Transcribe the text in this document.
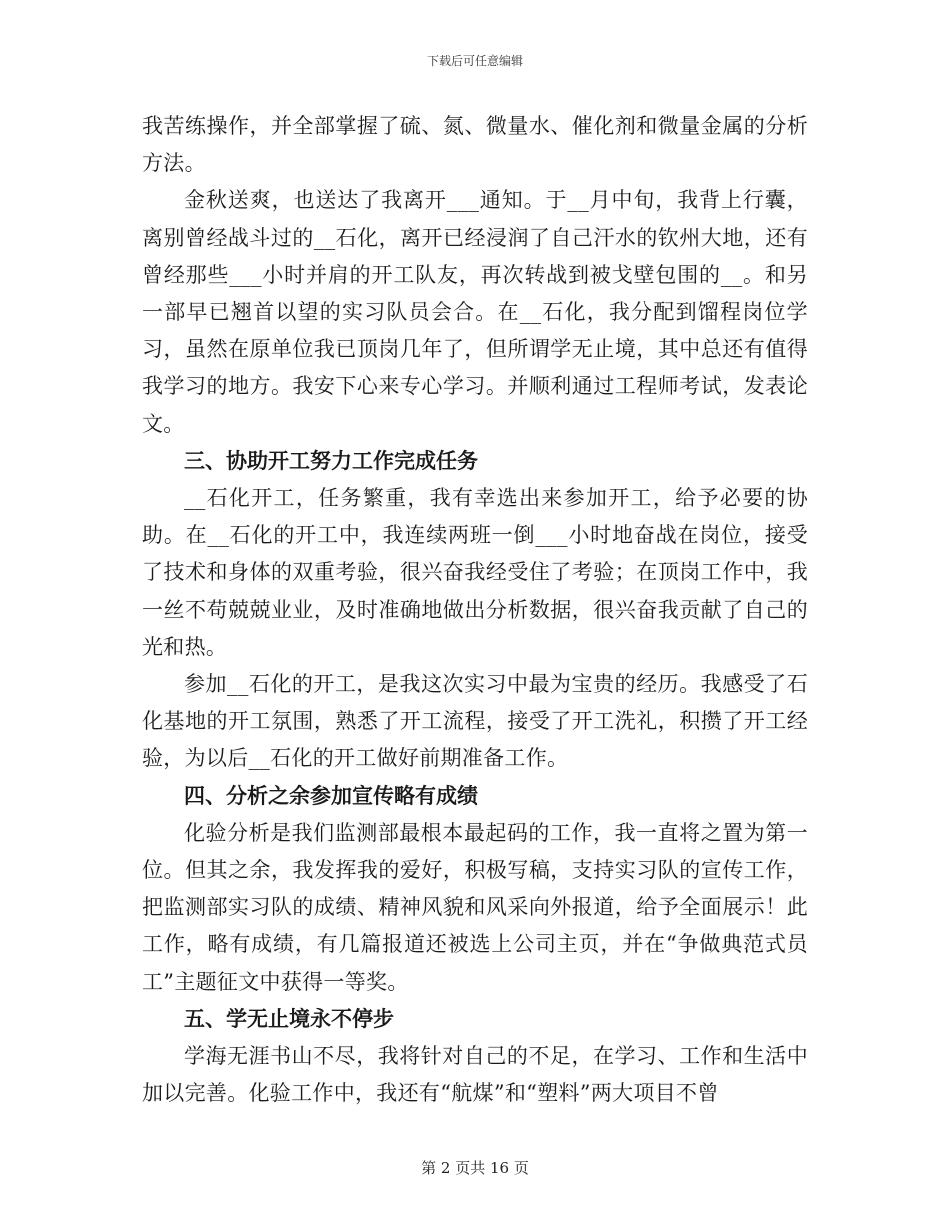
下载后可任意编辑

我苦练操作，并全部掌握了硫、氮、微量水、催化剂和微量金属的分析方法。

金秋送爽，也送达了我离开___通知。于__月中旬，我背上行囊，离别曾经战斗过的__石化，离开已经浸润了自己汗水的钦州大地，还有曾经那些___小时并肩的开工队友，再次转战到被戈壁包围的__。和另一部早已翘首以望的实习队员会合。在__石化，我分配到馏程岗位学习，虽然在原单位我已顶岗几年了，但所谓学无止境，其中总还有值得我学习的地方。我安下心来专心学习。并顺利通过工程师考试，发表论文。

三、协助开工努力工作完成任务

__石化开工，任务繁重，我有幸选出来参加开工，给予必要的协助。在__石化的开工中，我连续两班一倒___小时地奋战在岗位，接受了技术和身体的双重考验，很兴奋我经受住了考验；在顶岗工作中，我一丝不苟兢兢业业，及时准确地做出分析数据，很兴奋我贡献了自己的光和热。

参加__石化的开工，是我这次实习中最为宝贵的经历。我感受了石化基地的开工氛围，熟悉了开工流程，接受了开工洗礼，积攒了开工经验，为以后__石化的开工做好前期准备工作。

四、分析之余参加宣传略有成绩

化验分析是我们监测部最根本最起码的工作，我一直将之置为第一位。但其之余，我发挥我的爱好，积极写稿，支持实习队的宣传工作，把监测部实习队的成绩、精神风貌和风采向外报道，给予全面展示！此工作，略有成绩，有几篇报道还被选上公司主页，并在“争做典范式员工”主题征文中获得一等奖。

五、学无止境永不停步

学海无涯书山不尽，我将针对自己的不足，在学习、工作和生活中加以完善。化验工作中，我还有“航煤”和“塑料”两大项目不曾

第 2 页共 16 页
